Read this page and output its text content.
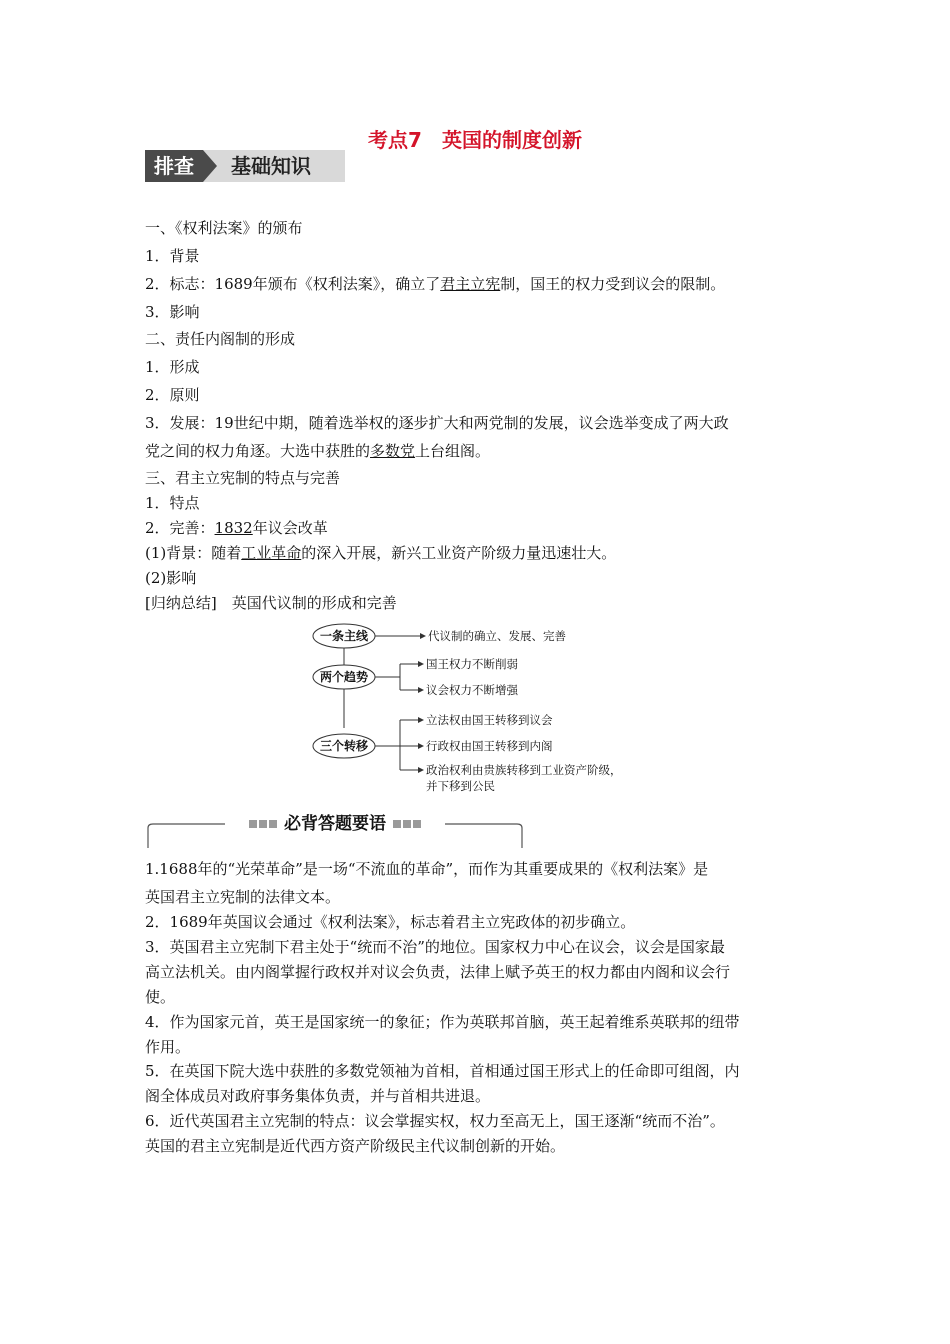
考点7　英国的制度创新
排查	基础知识
一、《权利法案》的颁布
1．背景
2．标志：1689年颁布《权利法案》，确立了君主立宪制，国王的权力受到议会的限制。
3．影响
二、责任内阁制的形成
1．形成
2．原则
3．发展：19世纪中期，随着选举权的逐步扩大和两党制的发展，议会选举变成了两大政
党之间的权力角逐。大选中获胜的多数党上台组阁。
三、君主立宪制的特点与完善
1．特点
2．完善：1832年议会改革
(1)背景：随着工业革命的深入开展，新兴工业资产阶级力量迅速壮大。
(2)影响
[归纳总结]　英国代议制的形成和完善
一条主线
两个趋势
三个转移
代议制的确立、发展、完善
国王权力不断削弱
议会权力不断增强
立法权由国王转移到议会
行政权由国王转移到内阁
政治权利由贵族转移到工业资产阶级，
并下移到公民
必背答题要语
1.1688年的“光荣革命”是一场“不流血的革命”，而作为其重要成果的《权利法案》是
英国君主立宪制的法律文本。
2．1689年英国议会通过《权利法案》，标志着君主立宪政体的初步确立。
3．英国君主立宪制下君主处于“统而不治”的地位。国家权力中心在议会，议会是国家最
高立法机关。由内阁掌握行政权并对议会负责，法律上赋予英王的权力都由内阁和议会行
使。
4．作为国家元首，英王是国家统一的象征；作为英联邦首脑，英王起着维系英联邦的纽带
作用。
5．在英国下院大选中获胜的多数党领袖为首相，首相通过国王形式上的任命即可组阁，内
阁全体成员对政府事务集体负责，并与首相共进退。
6．近代英国君主立宪制的特点：议会掌握实权，权力至高无上，国王逐渐“统而不治”。
英国的君主立宪制是近代西方资产阶级民主代议制创新的开始。
